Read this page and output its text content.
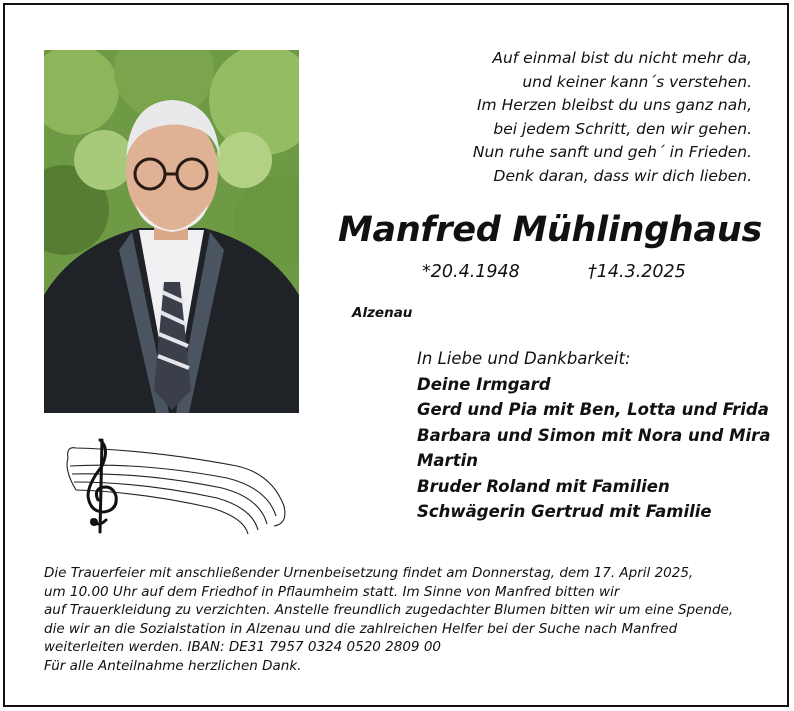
Auf einmal bist du nicht mehr da,
und keiner kann´s verstehen.
Im Herzen bleibst du uns ganz nah,
bei jedem Schritt, den wir gehen.
Nun ruhe sanft und geh´ in Frieden.
Denk daran, dass wir dich lieben.
Manfred Mühlinghaus
*20.4.1948	†14.3.2025
Alzenau
In Liebe und Dankbarkeit:
Deine Irmgard
Gerd und Pia mit Ben, Lotta und Frida
Barbara und Simon mit Nora und Mira
Martin
Bruder Roland mit Familien
Schwägerin Gertrud mit Familie
Die Trauerfeier mit anschließender Urnenbeisetzung findet am Donnerstag, dem 17. April 2025,
um 10.00 Uhr auf dem Friedhof in Pflaumheim statt. Im Sinne von Manfred bitten wir
auf Trauerkleidung zu verzichten. Anstelle freundlich zugedachter Blumen bitten wir um eine Spende,
die wir an die Sozialstation in Alzenau und die zahlreichen Helfer bei der Suche nach Manfred
weiterleiten werden. IBAN: DE31 7957 0324 0520 2809 00
Für alle Anteilnahme herzlichen Dank.
